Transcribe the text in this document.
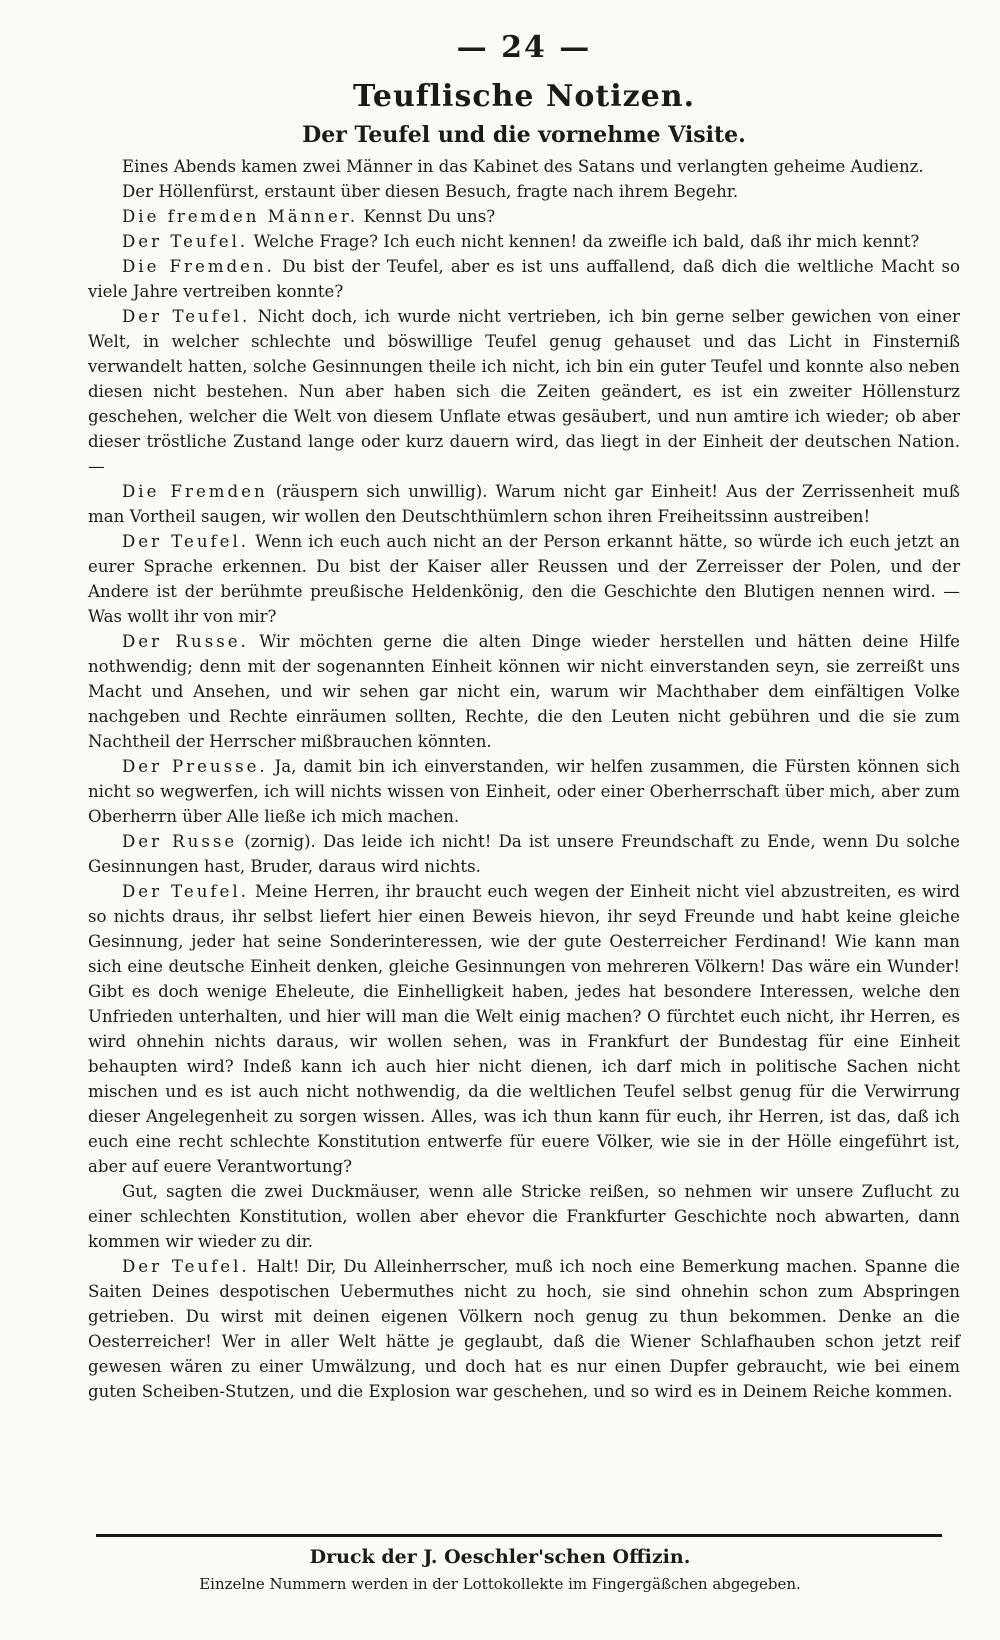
— 24 —
Teuflische Notizen.
Der Teufel und die vornehme Visite.

Eines Abends kamen zwei Männer in das Kabinet des Satans und verlangten geheime Audienz.

Der Höllenfürst, erstaunt über diesen Besuch, fragte nach ihrem Begehr.

Die fremden Männer. Kennst Du uns?

Der Teufel. Welche Frage? Ich euch nicht kennen! da zweifle ich bald, daß ihr mich kennt?

Die Fremden. Du bist der Teufel, aber es ist uns auffallend, daß dich die weltliche Macht so viele Jahre vertreiben konnte?

Der Teufel. Nicht doch, ich wurde nicht vertrieben, ich bin gerne selber gewichen von einer Welt, in welcher schlechte und böswillige Teufel genug gehauset und das Licht in Finsterniß verwandelt hatten, solche Gesinnungen theile ich nicht, ich bin ein guter Teufel und konnte also neben diesen nicht bestehen. Nun aber haben sich die Zeiten geändert, es ist ein zweiter Höllensturz geschehen, welcher die Welt von diesem Unflate etwas gesäubert, und nun amtire ich wieder; ob aber dieser tröstliche Zustand lange oder kurz dauern wird, das liegt in der Einheit der deutschen Nation. —

Die Fremden (räuspern sich unwillig). Warum nicht gar Einheit! Aus der Zerrissenheit muß man Vortheil saugen, wir wollen den Deutschthümlern schon ihren Freiheitssinn austreiben!

Der Teufel. Wenn ich euch auch nicht an der Person erkannt hätte, so würde ich euch jetzt an eurer Sprache erkennen. Du bist der Kaiser aller Reussen und der Zerreisser der Polen, und der Andere ist der berühmte preußische Heldenkönig, den die Geschichte den Blutigen nennen wird. — Was wollt ihr von mir?

Der Russe. Wir möchten gerne die alten Dinge wieder herstellen und hätten deine Hilfe nothwendig; denn mit der sogenannten Einheit können wir nicht einverstanden seyn, sie zerreißt uns Macht und Ansehen, und wir sehen gar nicht ein, warum wir Machthaber dem einfältigen Volke nachgeben und Rechte einräumen sollten, Rechte, die den Leuten nicht gebühren und die sie zum Nachtheil der Herrscher mißbrauchen könnten.

Der Preusse. Ja, damit bin ich einverstanden, wir helfen zusammen, die Fürsten können sich nicht so wegwerfen, ich will nichts wissen von Einheit, oder einer Oberherrschaft über mich, aber zum Oberherrn über Alle ließe ich mich machen.

Der Russe (zornig). Das leide ich nicht! Da ist unsere Freundschaft zu Ende, wenn Du solche Gesinnungen hast, Bruder, daraus wird nichts.

Der Teufel. Meine Herren, ihr braucht euch wegen der Einheit nicht viel abzustreiten, es wird so nichts draus, ihr selbst liefert hier einen Beweis hievon, ihr seyd Freunde und habt keine gleiche Gesinnung, jeder hat seine Sonderinteressen, wie der gute Oesterreicher Ferdinand! Wie kann man sich eine deutsche Einheit denken, gleiche Gesinnungen von mehreren Völkern! Das wäre ein Wunder! Gibt es doch wenige Eheleute, die Einhelligkeit haben, jedes hat besondere Interessen, welche den Unfrieden unterhalten, und hier will man die Welt einig machen? O fürchtet euch nicht, ihr Herren, es wird ohnehin nichts daraus, wir wollen sehen, was in Frankfurt der Bundestag für eine Einheit behaupten wird? Indeß kann ich auch hier nicht dienen, ich darf mich in politische Sachen nicht mischen und es ist auch nicht nothwendig, da die weltlichen Teufel selbst genug für die Verwirrung dieser Angelegenheit zu sorgen wissen. Alles, was ich thun kann für euch, ihr Herren, ist das, daß ich euch eine recht schlechte Konstitution entwerfe für euere Völker, wie sie in der Hölle eingeführt ist, aber auf euere Verantwortung?

Gut, sagten die zwei Duckmäuser, wenn alle Stricke reißen, so nehmen wir unsere Zuflucht zu einer schlechten Konstitution, wollen aber ehevor die Frankfurter Geschichte noch abwarten, dann kommen wir wieder zu dir.

Der Teufel. Halt! Dir, Du Alleinherrscher, muß ich noch eine Bemerkung machen. Spanne die Saiten Deines despotischen Uebermuthes nicht zu hoch, sie sind ohnehin schon zum Abspringen getrieben. Du wirst mit deinen eigenen Völkern noch genug zu thun bekommen. Denke an die Oesterreicher! Wer in aller Welt hätte je geglaubt, daß die Wiener Schlafhauben schon jetzt reif gewesen wären zu einer Umwälzung, und doch hat es nur einen Dupfer gebraucht, wie bei einem guten Scheiben-Stutzen, und die Explosion war geschehen, und so wird es in Deinem Reiche kommen.

Druck der J. Oeschler'schen Offizin.
Einzelne Nummern werden in der Lottokollekte im Fingergäßchen abgegeben.
